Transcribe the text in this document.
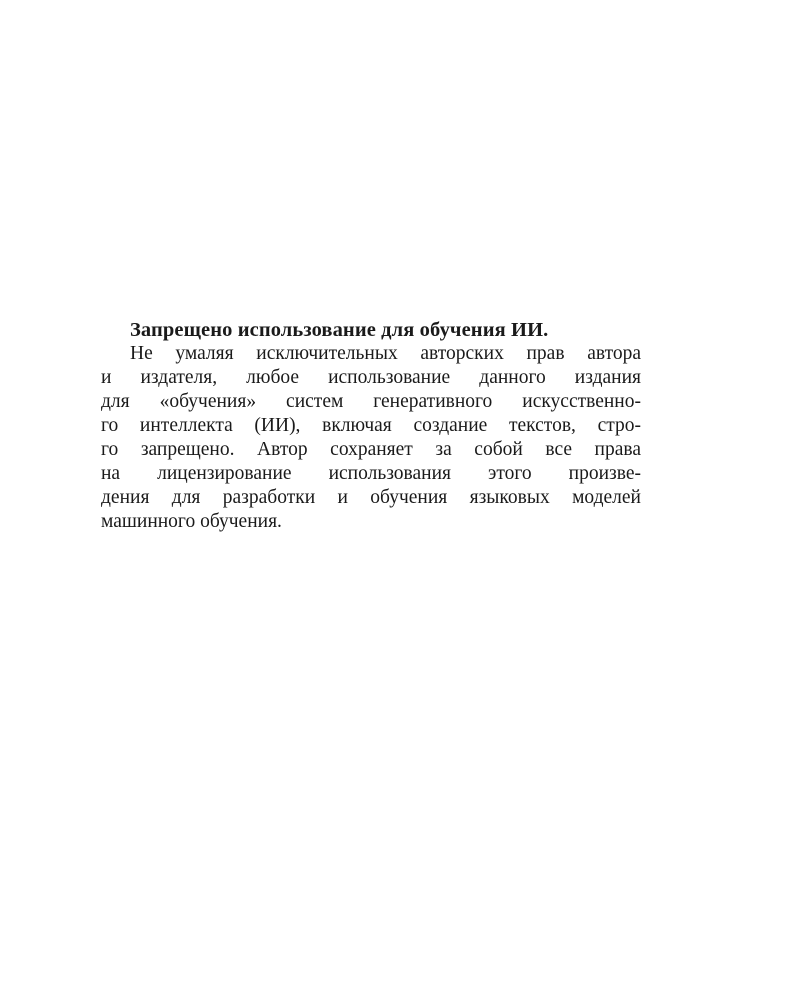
Запрещено использование для обучения ИИ.

Не умаляя исключительных авторских прав автора
и издателя, любое использование данного издания
для «обучения» систем генеративного искусственно-
го интеллекта (ИИ), включая создание текстов, стро-
го запрещено. Автор сохраняет за собой все права
на лицензирование использования этого произве-
дения для разработки и обучения языковых моделей
машинного обучения.
